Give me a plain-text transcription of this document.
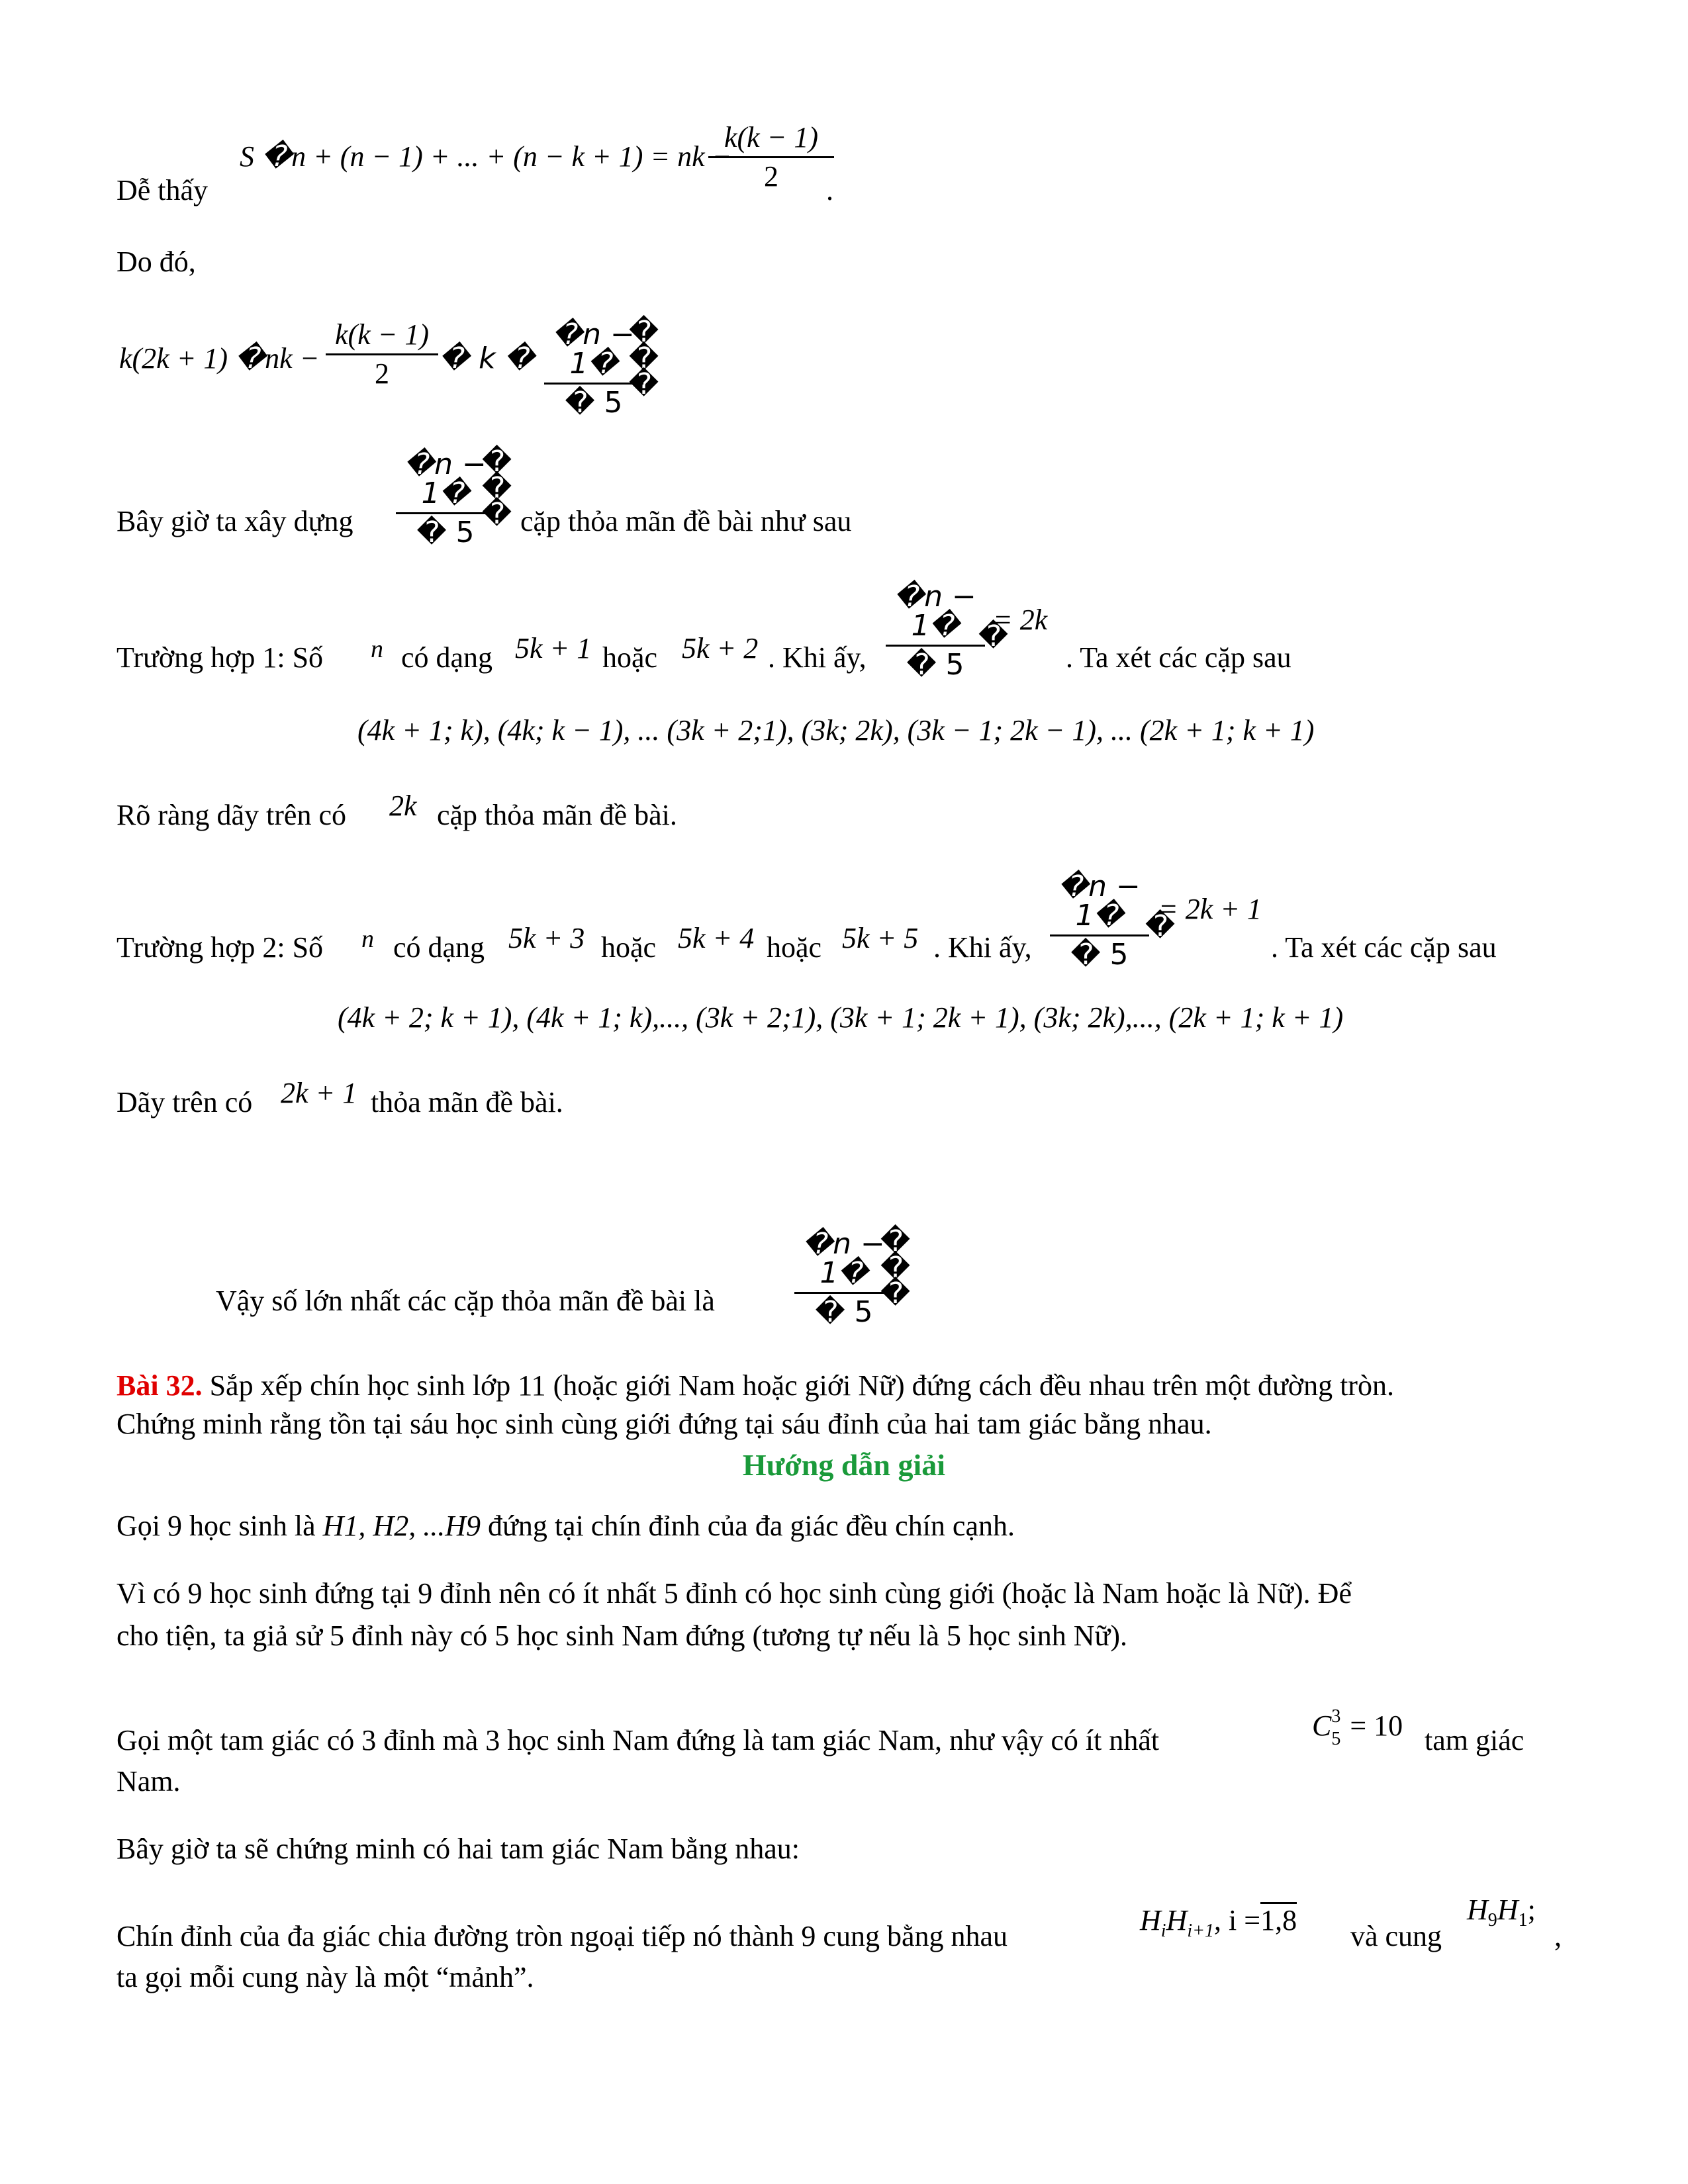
S �n + (n − 1) + ... + (n − k + 1) = nk −
k(k − 1)
2
Dễ thấy	.
Do đó,
k(2k + 1) �nk −
k(k − 1)
2	� k �
�n − 1�
� 5
�
�
�
Bây giờ ta xây dựng
�n − 1�
� 5
�
�
� cặp thỏa mãn đề bài như sau
Trường hợp 1: Số n có dạng 5k + 1 hoặc 5k + 2 . Khi ấy,
�n − 1�
� 5
�
= 2k
. Ta xét các cặp sau
(4k + 1; k), (4k; k − 1), ... (3k + 2;1), (3k; 2k), (3k − 1; 2k − 1), ... (2k + 1; k + 1)
Rõ ràng dãy trên có 2k cặp thỏa mãn đề bài.
Trường hợp 2: Số n có dạng 5k + 3 hoặc 5k + 4 hoặc 5k + 5 . Khi ấy,
�n − 1�
� 5
�
= 2k + 1
. Ta xét các cặp sau
(4k + 2; k + 1), (4k + 1; k),..., (3k + 2;1), (3k + 1; 2k + 1), (3k; 2k),..., (2k + 1; k + 1)
Dãy trên có 2k + 1 thỏa mãn đề bài.
Vậy số lớn nhất các cặp thỏa mãn đề bài là
�n − 1�
� 5
�
�
�
Bài 32. Sắp xếp chín học sinh lớp 11 (hoặc giới Nam hoặc giới Nữ) đứng cách đều nhau trên một đường tròn.
Chứng minh rằng tồn tại sáu học sinh cùng giới đứng tại sáu đỉnh của hai tam giác bằng nhau.
Hướng dẫn giải
Gọi 9 học sinh là H1, H2, ...H9 đứng tại chín đỉnh của đa giác đều chín cạnh.
Vì có 9 học sinh đứng tại 9 đỉnh nên có ít nhất 5 đỉnh có học sinh cùng giới (hoặc là Nam hoặc là Nữ). Để
cho tiện, ta giả sử 5 đỉnh này có 5 học sinh Nam đứng (tương tự nếu là 5 học sinh Nữ).
Gọi một tam giác có 3 đỉnh mà 3 học sinh Nam đứng là tam giác Nam, như vậy có ít nhất	$C^3_5 = 10$ tam giác
Nam.
Bây giờ ta sẽ chứng minh có hai tam giác Nam bằng nhau:
Chín đỉnh của đa giác chia đường tròn ngoại tiếp nó thành 9 cung bằng nhau	$H_iH_{i+1}$, i =1,8 và cung
$H_9H_1$;
,
ta gọi mỗi cung này là một “mảnh”.
